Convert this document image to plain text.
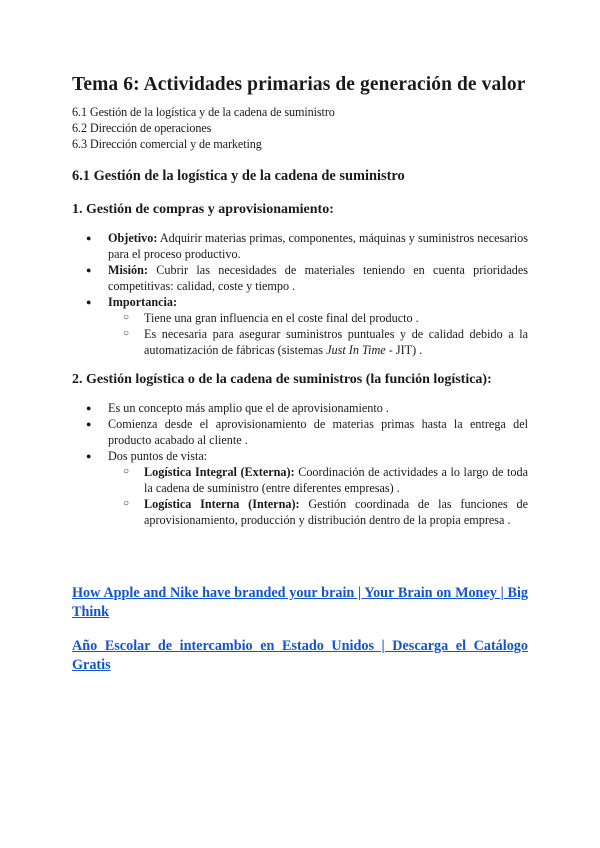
Tema 6: Actividades primarias de generación de valor
6.1 Gestión de la logística y de la cadena de suministro
6.2 Dirección de operaciones
6.3 Dirección comercial y de marketing
6.1 Gestión de la logística y de la cadena de suministro
1. Gestión de compras y aprovisionamiento:
● Objetivo: Adquirir materias primas, componentes, máquinas y suministros necesarios para el proceso productivo.
● Misión: Cubrir las necesidades de materiales teniendo en cuenta prioridades competitivas: calidad, coste y tiempo .
● Importancia:
○ Tiene una gran influencia en el coste final del producto .
○ Es necesaria para asegurar suministros puntuales y de calidad debido a la automatización de fábricas (sistemas Just In Time - JIT) .
2. Gestión logística o de la cadena de suministros (la función logística):
● Es un concepto más amplio que el de aprovisionamiento .
● Comienza desde el aprovisionamiento de materias primas hasta la entrega del producto acabado al cliente .
● Dos puntos de vista:
○ Logística Integral (Externa): Coordinación de actividades a lo largo de toda la cadena de suministro (entre diferentes empresas) .
○ Logística Interna (Interna): Gestión coordinada de las funciones de aprovisionamiento, producción y distribución dentro de la propia empresa .
How Apple and Nike have branded your brain | Your Brain on Money | Big Think
Año Escolar de intercambio en Estado Unidos | Descarga el Catálogo Gratis
